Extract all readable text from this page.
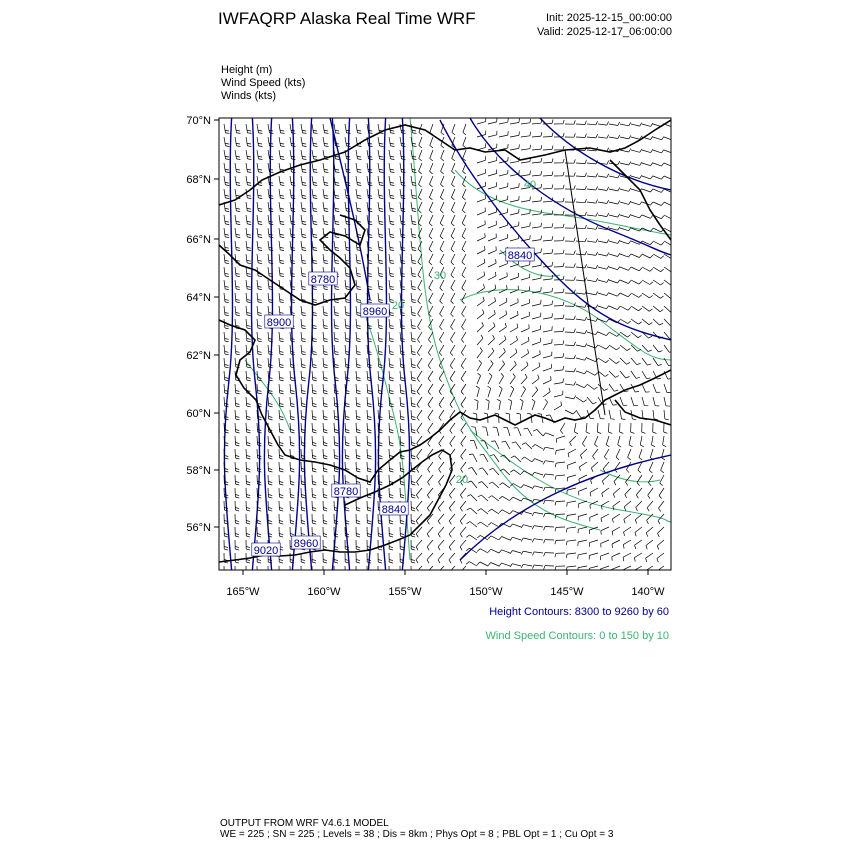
IWFAQRP Alaska Real Time WRF	Init: 2025-12-15_00:00:00
Valid: 2025-12-17_06:00:00
Height (m)
Wind Speed (kts)
Winds (kts)
70°N
68°N
66°N
64°N
62°N
60°N
58°N
56°N
165°W	160°W	155°W	150°W	145°W	140°W
8780
8900
8960
8840
8780
8840
9020
8960
40
20
30
20
Height Contours: 8300 to 9260 by 60
Wind Speed Contours: 0 to 150 by 10
OUTPUT FROM WRF V4.6.1 MODEL
WE = 225 ; SN = 225 ; Levels = 38 ; Dis = 8km ; Phys Opt = 8 ; PBL Opt = 1 ; Cu Opt = 3
